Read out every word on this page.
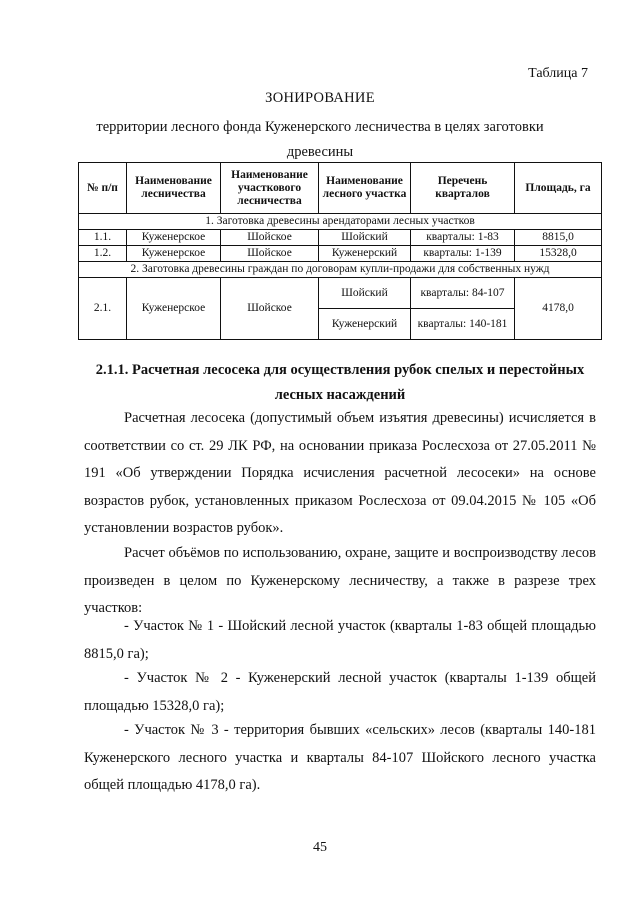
Таблица 7
ЗОНИРОВАНИЕ
территории лесного фонда Куженерского лесничества в целях заготовки древесины
№ п/п	Наименование лесничества	Наименование участкового лесничества	Наименование лесного участка	Перечень кварталов	Площадь, га
1. Заготовка древесины арендаторами лесных участков					
1.1.	Куженерское	Шойское	Шойский	кварталы: 1-83	8815,0
1.2.	Куженерское	Шойское	Куженерский	кварталы: 1-139	15328,0
2. Заготовка древесины граждан по договорам купли-продажи для собственных нужд					
2.1.	Куженерское	Шойское	Шойский	кварталы: 84-107	4178,0
			Куженерский	кварталы: 140-181	
2.1.1. Расчетная лесосека для осуществления рубок спелых и перестойных лесных насаждений

Расчетная лесосека (допустимый объем изъятия древесины) исчисляется в соответствии со ст. 29 ЛК РФ, на основании приказа Рослесхоза от 27.05.2011 № 191 «Об утверждении Порядка исчисления расчетной лесосеки» на основе возрастов рубок, установленных приказом Рослесхоза от 09.04.2015 № 105 «Об установлении возрастов рубок».

Расчет объёмов по использованию, охране, защите и воспроизводству лесов произведен в целом по Куженерскому лесничеству, а также в разрезе трех участков:

- Участок № 1 - Шойский лесной участок (кварталы 1-83 общей площадью 8815,0 га);

- Участок № 2 - Куженерский лесной участок (кварталы 1-139 общей площадью 15328,0 га);

- Участок № 3 - территория бывших «сельских» лесов (кварталы 140-181 Куженерского лесного участка и кварталы 84-107 Шойского лесного участка общей площадью 4178,0 га).

45
